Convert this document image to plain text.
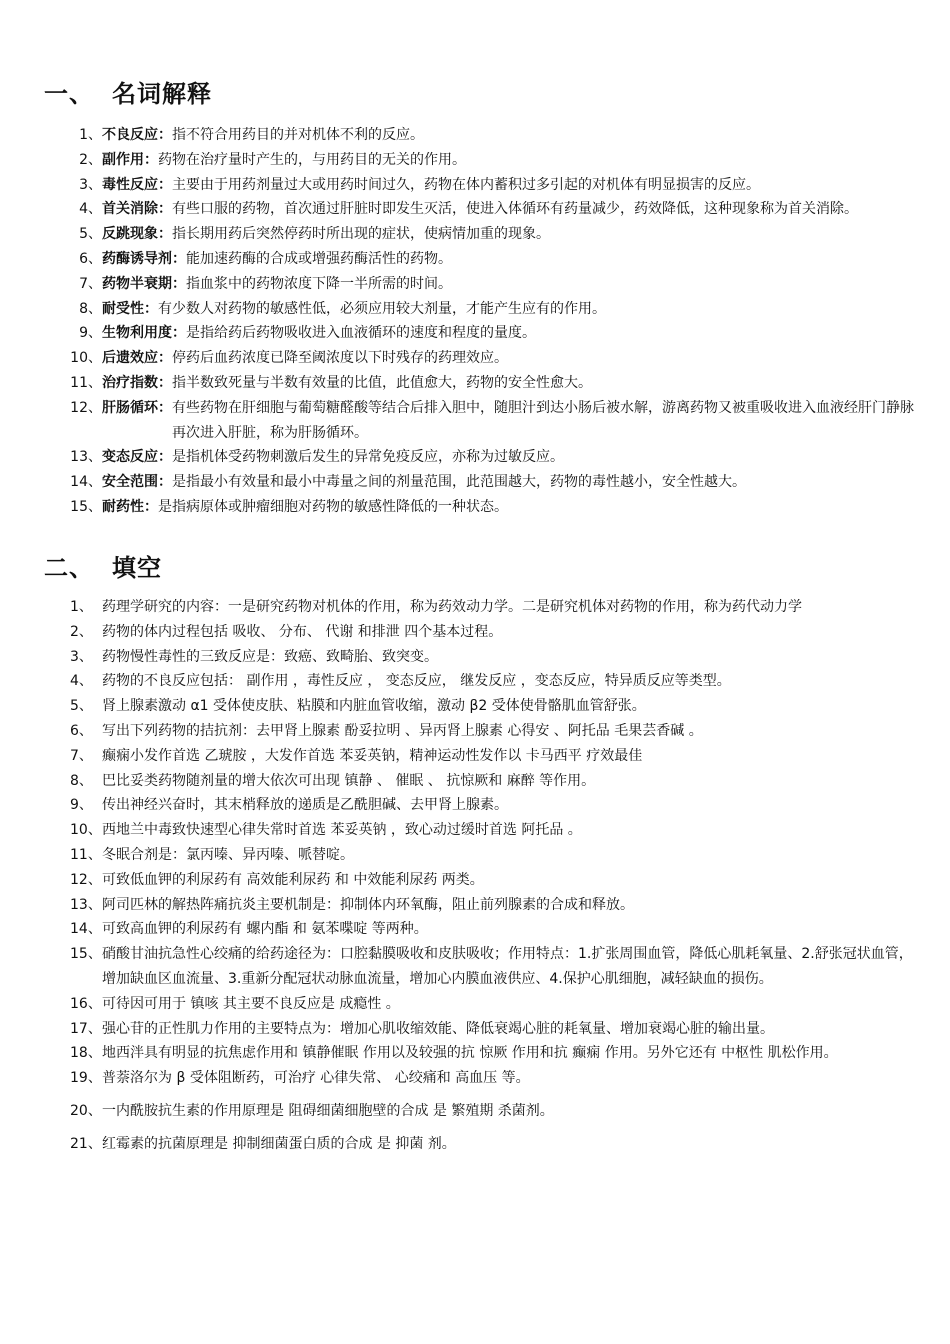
一、 名词解释
1、 不良反应： 指不符合用药目的并对机体不利的反应。
2、 副作用： 药物在治疗量时产生的，与用药目的无关的作用。
3、 毒性反应： 主要由于用药剂量过大或用药时间过久，药物在体内蓄积过多引起的对机体有明显损害的反应。
4、 首关消除： 有些口服的药物，首次通过肝脏时即发生灭活，使进入体循环有药量减少，药效降低，这种现象称为首关消除。
5、 反跳现象： 指长期用药后突然停药时所出现的症状，使病情加重的现象。
6、 药酶诱导剂： 能加速药酶的合成或增强药酶活性的药物。
7、 药物半衰期： 指血浆中的药物浓度下降一半所需的时间。
8、 耐受性： 有少数人对药物的敏感性低，必须应用较大剂量，才能产生应有的作用。
9、 生物利用度： 是指给药后药物吸收进入血液循环的速度和程度的量度。
10、 后遗效应： 停药后血药浓度已降至阈浓度以下时残存的药理效应。
11、 治疗指数： 指半数致死量与半数有效量的比值，此值愈大，药物的安全性愈大。
12、 肝肠循环： 有些药物在肝细胞与葡萄糖醛酸等结合后排入胆中，随胆汁到达小肠后被水解，游离药物又被重吸收进入血液经肝门静脉再次进入肝脏，称为肝肠循环。
13、 变态反应： 是指机体受药物刺激后发生的异常免疫反应，亦称为过敏反应。
14、 安全范围： 是指最小有效量和最小中毒量之间的剂量范围，此范围越大，药物的毒性越小，安全性越大。
15、 耐药性： 是指病原体或肿瘤细胞对药物的敏感性降低的一种状态。
二、 填空
1、 药理学研究的内容：一是研究药物对机体的作用，称为药效动力学。二是研究机体对药物的作用，称为药代动力学
2、 药物的体内过程包括 吸收、 分布、 代谢 和排泄 四个基本过程。
3、 药物慢性毒性的三致反应是：致癌、致畸胎、致突变。
4、 药物的不良反应包括： 副作用 ，毒性反应 ， 变态反应， 继发反应 ，变态反应，特异质反应等类型。
5、 肾上腺素激动 α1 受体使皮肤、粘膜和内脏血管收缩，激动 β2 受体使骨骼肌血管舒张。
6、 写出下列药物的拮抗剂：去甲肾上腺素 酚妥拉明 、异丙肾上腺素 心得安 、阿托品 毛果芸香碱 。
7、 癫痫小发作首选 乙琥胺 ，大发作首选 苯妥英钠，精神运动性发作以 卡马西平 疗效最佳
8、 巴比妥类药物随剂量的增大依次可出现 镇静 、 催眠 、 抗惊厥和 麻醉 等作用。
9、 传出神经兴奋时，其末梢释放的递质是乙酰胆碱、去甲肾上腺素。
10、 西地兰中毒致快速型心律失常时首选 苯妥英钠 ，致心动过缓时首选 阿托品 。
11、 冬眠合剂是：氯丙嗪、异丙嗪、哌替啶。
12、 可致低血钾的利尿药有 高效能利尿药 和 中效能利尿药 两类。
13、 阿司匹林的解热阵痛抗炎主要机制是：抑制体内环氧酶，阻止前列腺素的合成和释放。
14、 可致高血钾的利尿药有 螺内酯 和 氨苯喋啶 等两种。
15、 硝酸甘油抗急性心绞痛的给药途径为：口腔黏膜吸收和皮肤吸收；作用特点：1.扩张周围血管，降低心肌耗氧量、2.舒张冠状血管，增加缺血区血流量、3.重新分配冠状动脉血流量，增加心内膜血液供应、4.保护心肌细胞，减轻缺血的损伤。
16、 可待因可用于 镇咳 其主要不良反应是 成瘾性 。
17、 强心苷的正性肌力作用的主要特点为：增加心肌收缩效能、降低衰竭心脏的耗氧量、增加衰竭心脏的输出量。
18、 地西泮具有明显的抗焦虑作用和 镇静催眠 作用以及较强的抗 惊厥 作用和抗 癫痫 作用。另外它还有 中枢性 肌松作用。
19、 普萘洛尔为 β 受体阻断药，可治疗 心律失常、 心绞痛和 高血压 等。
20、 一内酰胺抗生素的作用原理是 阻碍细菌细胞壁的合成 是 繁殖期 杀菌剂。
21、 红霉素的抗菌原理是 抑制细菌蛋白质的合成 是 抑菌 剂。
